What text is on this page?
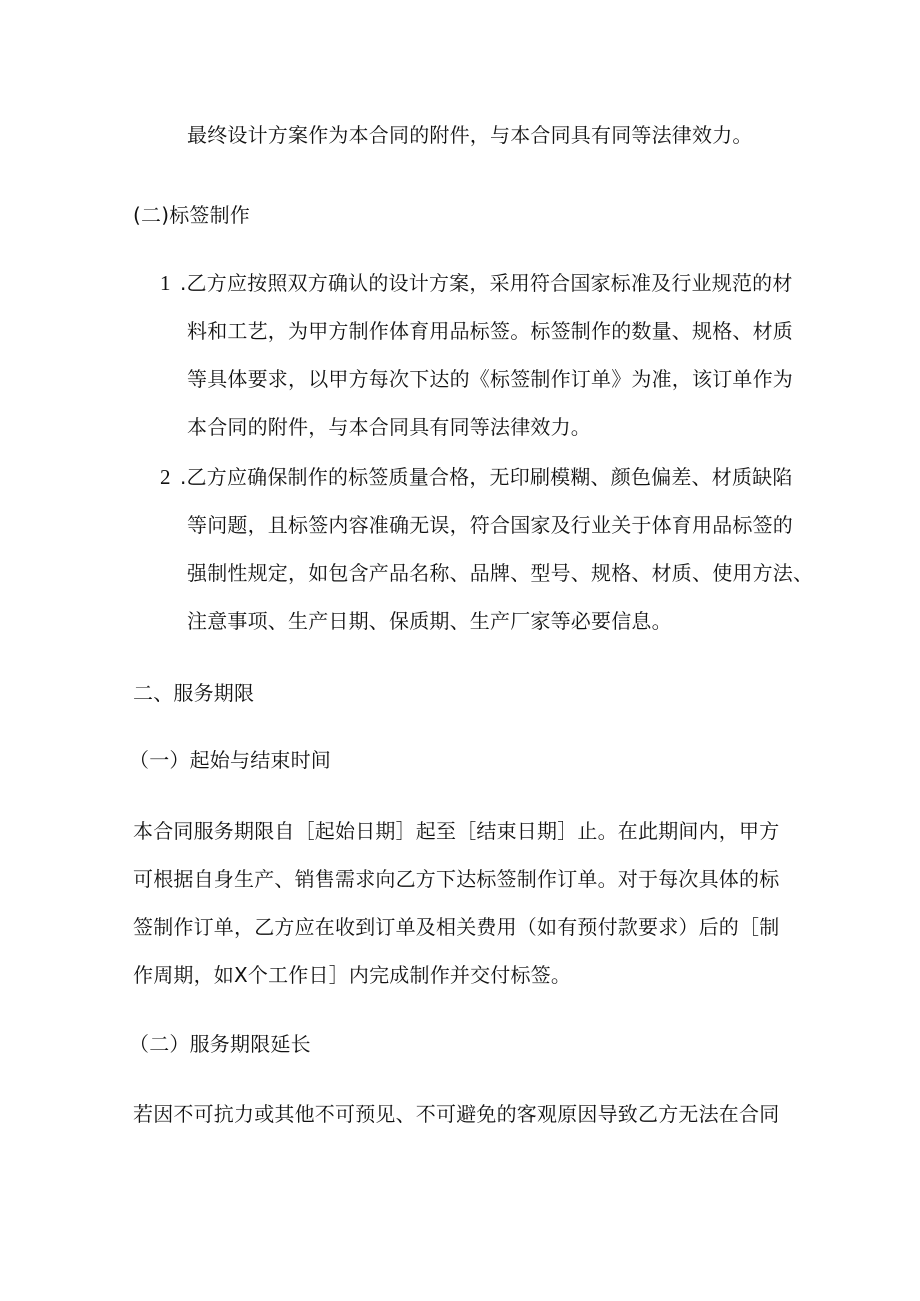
最终设计方案作为本合同的附件，与本合同具有同等法律效力。
(二)标签制作
1 .乙方应按照双方确认的设计方案，采用符合国家标准及行业规范的材
料和工艺，为甲方制作体育用品标签。标签制作的数量、规格、材质
等具体要求，以甲方每次下达的《标签制作订单》为准，该订单作为
本合同的附件，与本合同具有同等法律效力。
2 .乙方应确保制作的标签质量合格，无印刷模糊、颜色偏差、材质缺陷
等问题，且标签内容准确无误，符合国家及行业关于体育用品标签的
强制性规定，如包含产品名称、品牌、型号、规格、材质、使用方法、
注意事项、生产日期、保质期、生产厂家等必要信息。
二、服务期限
（一）起始与结束时间
本合同服务期限自［起始日期］起至［结束日期］止。在此期间内，甲方
可根据自身生产、销售需求向乙方下达标签制作订单。对于每次具体的标
签制作订单，乙方应在收到订单及相关费用（如有预付款要求）后的［制
作周期，如X个工作日］内完成制作并交付标签。
（二）服务期限延长
若因不可抗力或其他不可预见、不可避免的客观原因导致乙方无法在合同
